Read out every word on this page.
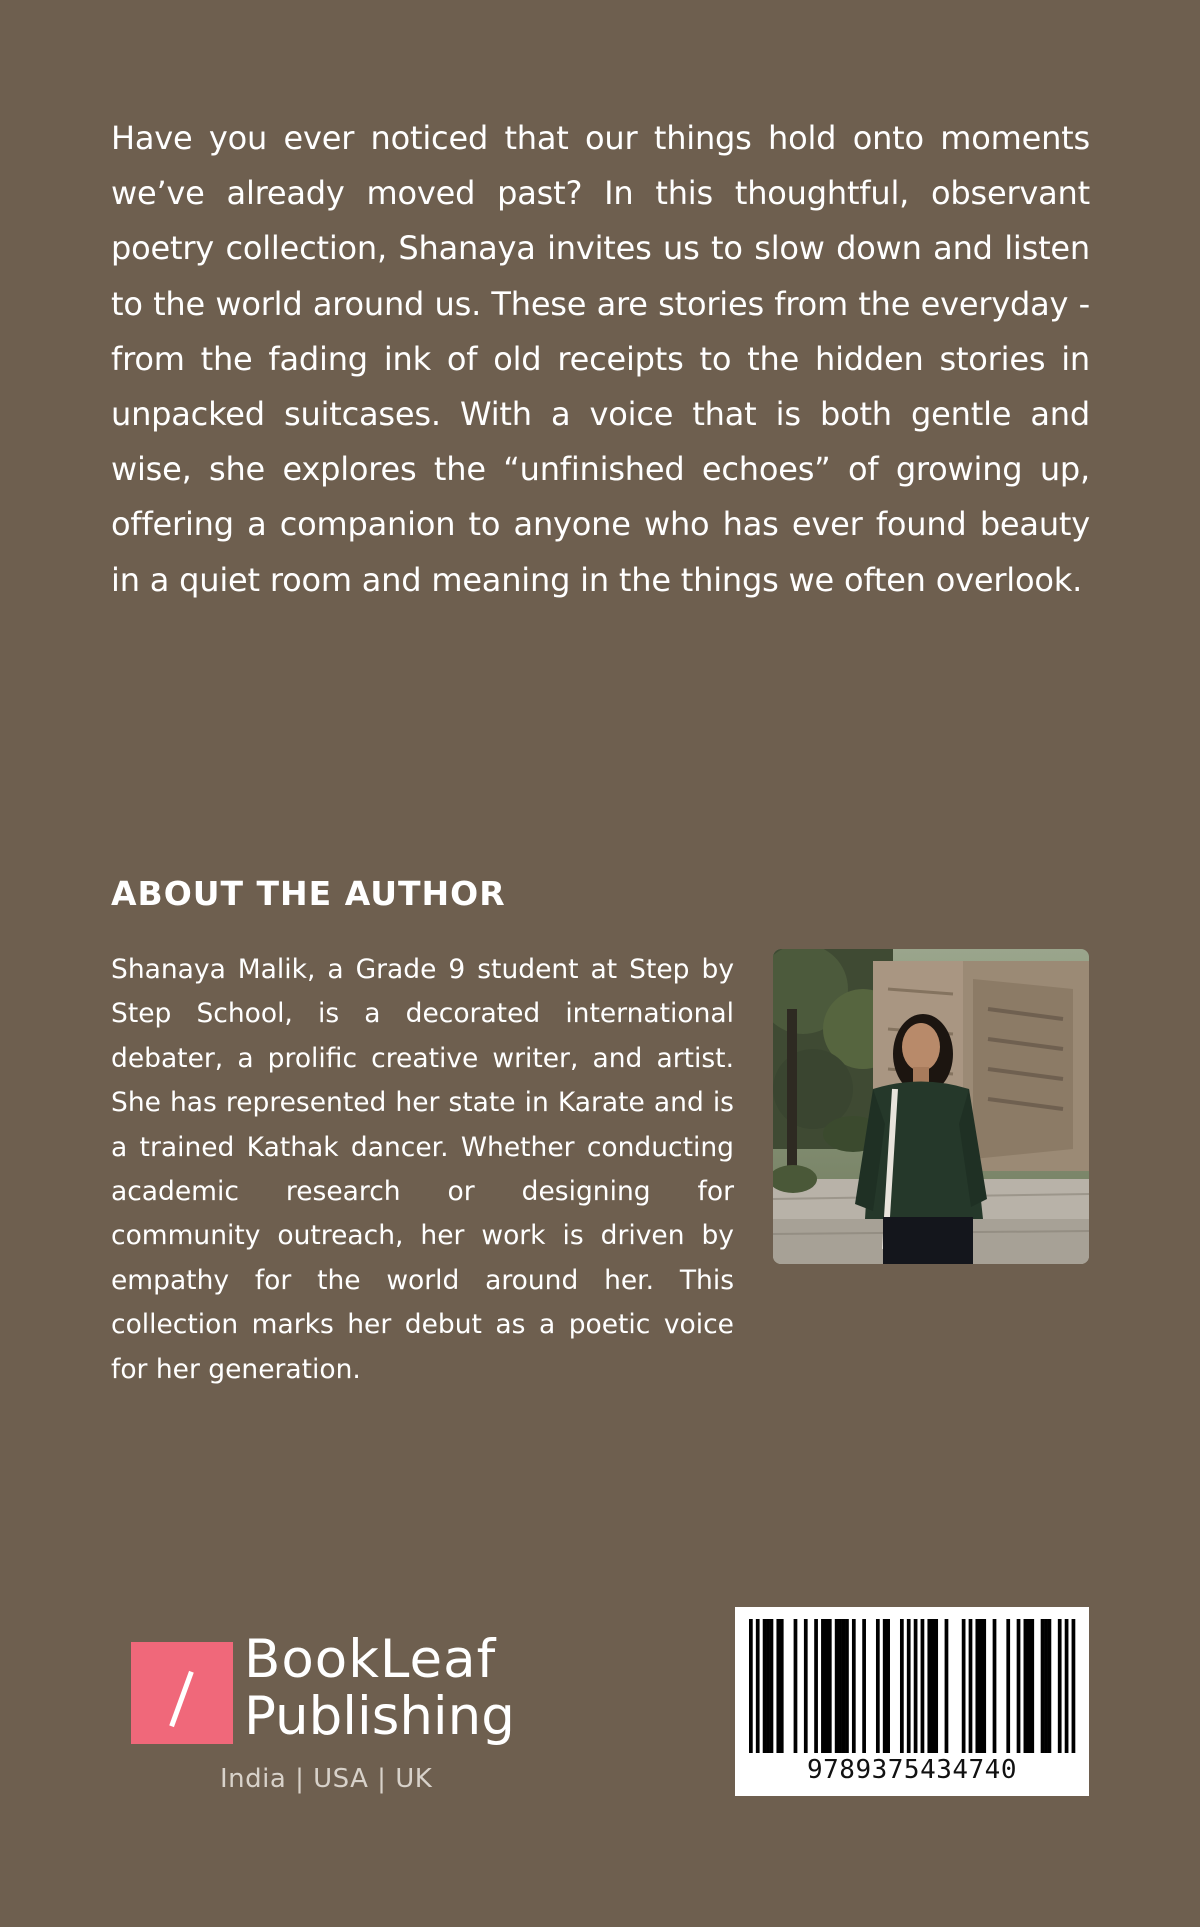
Have you ever noticed that our things hold onto moments we’ve already moved past? In this thoughtful, observant poetry collection, Shanaya invites us to slow down and listen to the world around us. These are stories from the everyday - from the fading ink of old receipts to the hidden stories in unpacked suitcases. With a voice that is both gentle and wise, she explores the “unfinished echoes” of growing up, offering a companion to anyone who has ever found beauty in a quiet room and meaning in the things we often overlook.

ABOUT THE AUTHOR

Shanaya Malik, a Grade 9 student at Step by Step School, is a decorated international debater, a prolific creative writer, and artist. She has represented her state in Karate and is a trained Kathak dancer. Whether conducting academic research or designing for community outreach, her work is driven by empathy for the world around her. This collection marks her debut as a poetic voice for her generation.

BookLeaf
Publishing
India | USA | UK	9789375434740
